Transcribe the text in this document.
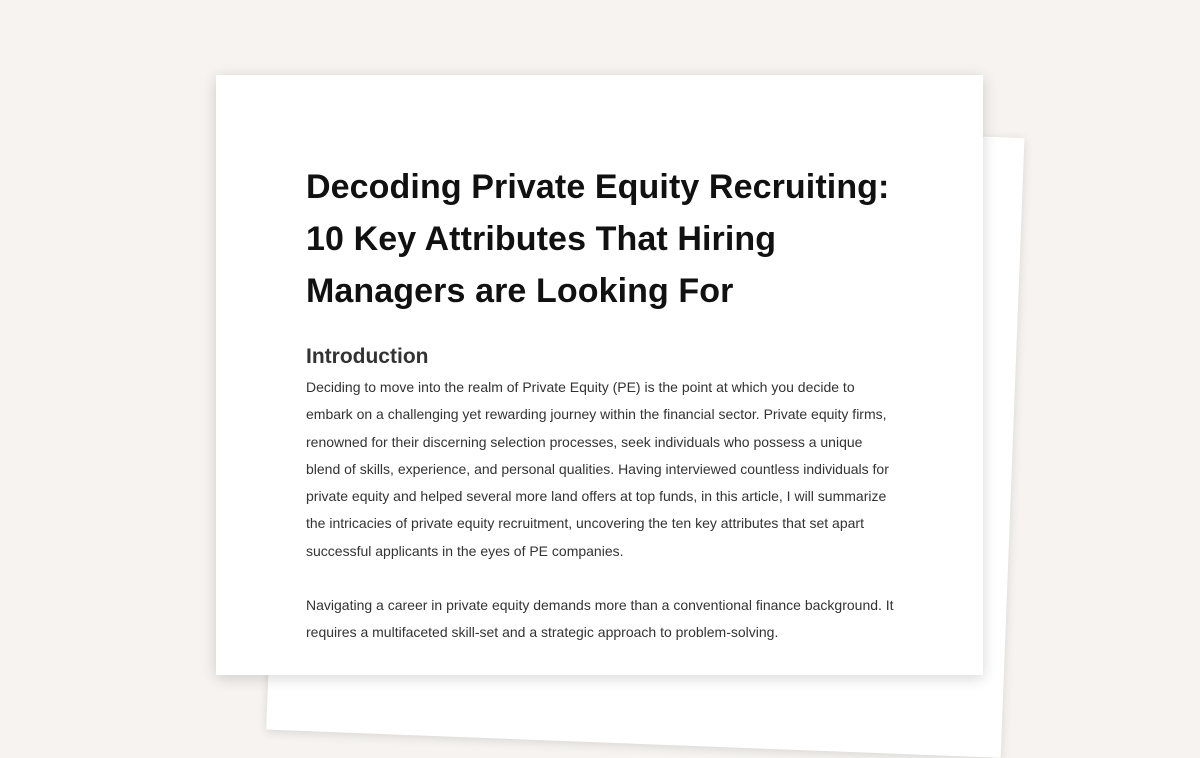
Decoding Private Equity Recruiting: 10 Key Attributes That Hiring Managers are Looking For
Introduction

Deciding to move into the realm of Private Equity (PE) is the point at which you decide to embark on a challenging yet rewarding journey within the financial sector. Private equity firms, renowned for their discerning selection processes, seek individuals who possess a unique blend of skills, experience, and personal qualities. Having interviewed countless individuals for private equity and helped several more land offers at top funds, in this article, I will summarize the intricacies of private equity recruitment, uncovering the ten key attributes that set apart successful applicants in the eyes of PE companies.

Navigating a career in private equity demands more than a conventional finance background. It requires a multifaceted skill-set and a strategic approach to problem-solving.
